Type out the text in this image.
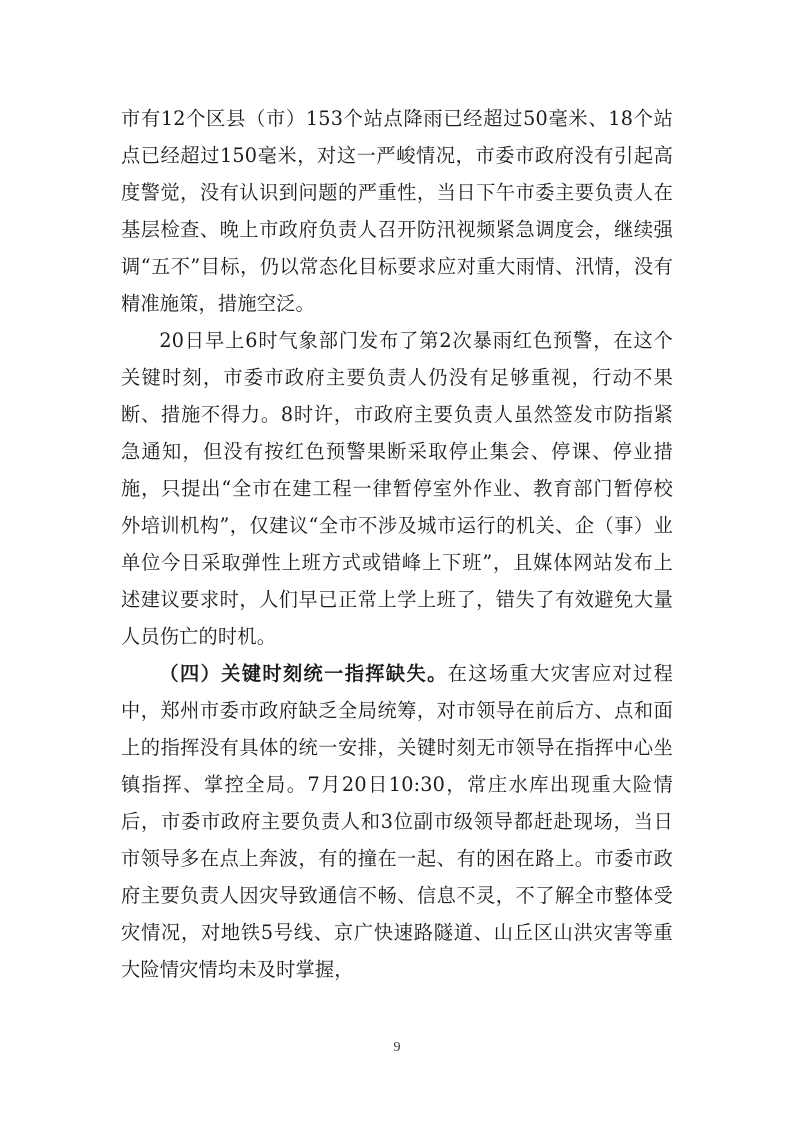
市有12个区县（市）153个站点降雨已经超过50毫米、18个站点已经超过150毫米，对这一严峻情况，市委市政府没有引起高度警觉，没有认识到问题的严重性，当日下午市委主要负责人在基层检查、晚上市政府负责人召开防汛视频紧急调度会，继续强调“五不”目标，仍以常态化目标要求应对重大雨情、汛情，没有精准施策，措施空泛。

20日早上6时气象部门发布了第2次暴雨红色预警，在这个关键时刻，市委市政府主要负责人仍没有足够重视，行动不果断、措施不得力。8时许，市政府主要负责人虽然签发市防指紧急通知，但没有按红色预警果断采取停止集会、停课、停业措施，只提出“全市在建工程一律暂停室外作业、教育部门暂停校外培训机构”，仅建议“全市不涉及城市运行的机关、企（事）业单位今日采取弹性上班方式或错峰上下班”，且媒体网站发布上述建议要求时，人们早已正常上学上班了，错失了有效避免大量人员伤亡的时机。

（四）关键时刻统一指挥缺失。在这场重大灾害应对过程中，郑州市委市政府缺乏全局统筹，对市领导在前后方、点和面上的指挥没有具体的统一安排，关键时刻无市领导在指挥中心坐镇指挥、掌控全局。7月20日10:30，常庄水库出现重大险情后，市委市政府主要负责人和3位副市级领导都赶赴现场，当日市领导多在点上奔波，有的撞在一起、有的困在路上。市委市政府主要负责人因灾导致通信不畅、信息不灵，不了解全市整体受灾情况，对地铁5号线、京广快速路隧道、山丘区山洪灾害等重大险情灾情均未及时掌握，

9
